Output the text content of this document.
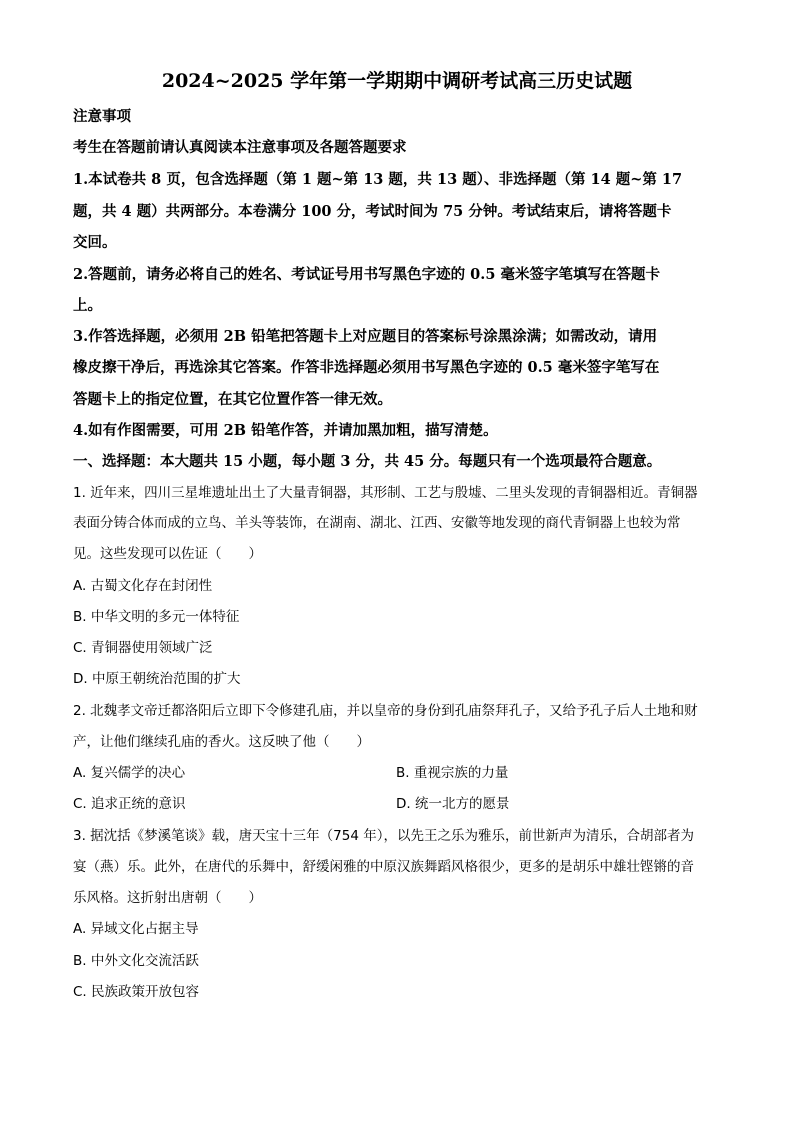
2024~2025 学年第一学期期中调研考试高三历史试题
注意事项
考生在答题前请认真阅读本注意事项及各题答题要求
1.本试卷共 8 页，包含选择题（第 1 题~第 13 题，共 13 题）、非选择题（第 14 题~第 17
题，共 4 题）共两部分。本卷满分 100 分，考试时间为 75 分钟。考试结束后，请将答题卡
交回。
2.答题前，请务必将自己的姓名、考试证号用书写黑色字迹的 0.5 毫米签字笔填写在答题卡
上。
3.作答选择题，必须用 2B 铅笔把答题卡上对应题目的答案标号涂黑涂满；如需改动，请用
橡皮擦干净后，再选涂其它答案。作答非选择题必须用书写黑色字迹的 0.5 毫米签字笔写在
答题卡上的指定位置，在其它位置作答一律无效。
4.如有作图需要，可用 2B 铅笔作答，并请加黑加粗，描写清楚。
一、选择题：本大题共 15 小题，每小题 3 分，共 45 分。每题只有一个选项最符合题意。
1. 近年来，四川三星堆遗址出土了大量青铜器，其形制、工艺与殷墟、二里头发现的青铜器相近。青铜器
表面分铸合体而成的立鸟、羊头等装饰，在湖南、湖北、江西、安徽等地发现的商代青铜器上也较为常
见。这些发现可以佐证（　　）
A. 古蜀文化存在封闭性
B. 中华文明的多元一体特征
C. 青铜器使用领域广泛
D. 中原王朝统治范围的扩大
2. 北魏孝文帝迁都洛阳后立即下令修建孔庙，并以皇帝的身份到孔庙祭拜孔子，又给予孔子后人土地和财
产，让他们继续孔庙的香火。这反映了他（　　）
A. 复兴儒学的决心	B. 重视宗族的力量
C. 追求正统的意识	D. 统一北方的愿景
3. 据沈括《梦溪笔谈》载，唐天宝十三年（754 年），以先王之乐为雅乐，前世新声为清乐，合胡部者为
宴（燕）乐。此外，在唐代的乐舞中，舒缓闲雅的中原汉族舞蹈风格很少，更多的是胡乐中雄壮铿锵的音
乐风格。这折射出唐朝（　　）
A. 异域文化占据主导
B. 中外文化交流活跃
C. 民族政策开放包容
